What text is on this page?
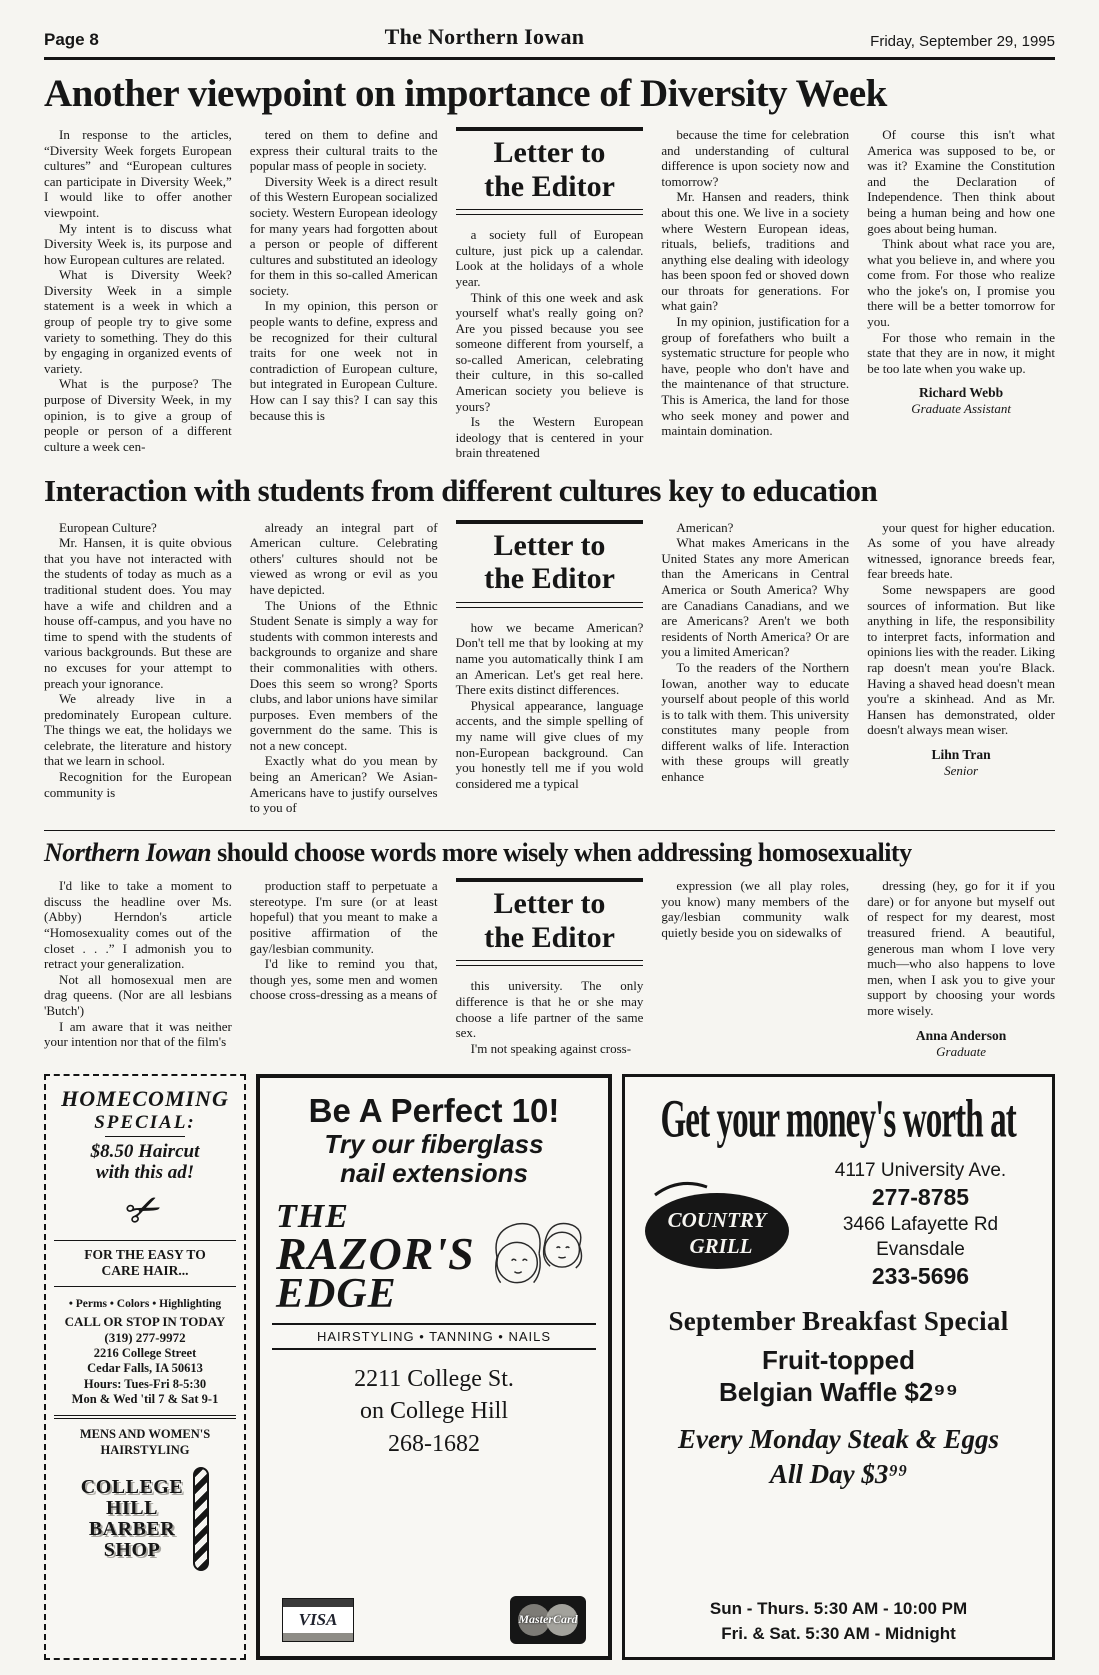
Page 8	The Northern Iowan	Friday, September 29, 1995
Another viewpoint on importance of Diversity Week

In response to the articles, “Diversity Week forgets European cultures” and “European cultures can participate in Diversity Week,” I would like to offer another viewpoint.

My intent is to discuss what Diversity Week is, its purpose and how European cultures are related.

What is Diversity Week? Diversity Week in a simple statement is a week in which a group of people try to give some variety to something. They do this by engaging in organized events of variety.

What is the purpose? The purpose of Diversity Week, in my opinion, is to give a group of people or person of a different culture a week cen-

tered on them to define and express their cultural traits to the popular mass of people in society.

Diversity Week is a direct result of this Western European socialized society. Western European ideology for many years had forgotten about a person or people of different cultures and substituted an ideology for them in this so-called American society.

In my opinion, this person or people wants to define, express and be recognized for their cultural traits for one week not in contradiction of European culture, but integrated in European Culture. How can I say this? I can say this because this is

Letter to
the Editor

a society full of European culture, just pick up a calendar. Look at the holidays of a whole year.

Think of this one week and ask yourself what's really going on? Are you pissed because you see someone different from yourself, a so-called American, celebrating their culture, in this so-called American society you believe is yours?

Is the Western European ideology that is centered in your brain threatened

because the time for celebration and understanding of cultural difference is upon society now and tomorrow?

Mr. Hansen and readers, think about this one. We live in a society where Western European ideas, rituals, beliefs, traditions and anything else dealing with ideology has been spoon fed or shoved down our throats for generations. For what gain?

In my opinion, justification for a group of forefathers who built a systematic structure for people who have, people who don't have and the maintenance of that structure. This is America, the land for those who seek money and power and maintain domination.

Of course this isn't what America was supposed to be, or was it? Examine the Constitution and the Declaration of Independence. Then think about being a human being and how one goes about being human.

Think about what race you are, what you believe in, and where you come from. For those who realize who the joke's on, I promise you there will be a better tomorrow for you.

For those who remain in the state that they are in now, it might be too late when you wake up.

Richard Webb
Graduate Assistant
Interaction with students from different cultures key to education

European Culture?

Mr. Hansen, it is quite obvious that you have not interacted with the students of today as much as a traditional student does. You may have a wife and children and a house off-campus, and you have no time to spend with the students of various backgrounds. But these are no excuses for your attempt to preach your ignorance.

We already live in a predominately European culture. The things we eat, the holidays we celebrate, the literature and history that we learn in school.

Recognition for the European community is

already an integral part of American culture. Celebrating others' cultures should not be viewed as wrong or evil as you have depicted.

The Unions of the Ethnic Student Senate is simply a way for students with common interests and backgrounds to organize and share their commonalities with others. Does this seem so wrong? Sports clubs, and labor unions have similar purposes. Even members of the government do the same. This is not a new concept.

Exactly what do you mean by being an American? We Asian-Americans have to justify ourselves to you of

Letter to
the Editor

how we became American? Don't tell me that by looking at my name you automatically think I am an American. Let's get real here. There exits distinct differences.

Physical appearance, language accents, and the simple spelling of my name will give clues of my non-European background. Can you honestly tell me if you wold considered me a typical

American?

What makes Americans in the United States any more American than the Americans in Central America or South America? Why are Canadians Canadians, and we are Americans? Aren't we both residents of North America? Or are you a limited American?

To the readers of the Northern Iowan, another way to educate yourself about people of this world is to talk with them. This university constitutes many people from different walks of life. Interaction with these groups will greatly enhance

your quest for higher education. As some of you have already witnessed, ignorance breeds fear, fear breeds hate.

Some newspapers are good sources of information. But like anything in life, the responsibility to interpret facts, information and opinions lies with the reader. Liking rap doesn't mean you're Black. Having a shaved head doesn't mean you're a skinhead. And as Mr. Hansen has demonstrated, older doesn't always mean wiser.

Lihn Tran
Senior
Northern Iowan should choose words more wisely when addressing homosexuality

I'd like to take a moment to discuss the headline over Ms. (Abby) Herndon's article “Homosexuality comes out of the closet . . .” I admonish you to retract your generalization.

Not all homosexual men are drag queens. (Nor are all lesbians 'Butch')

I am aware that it was neither your intention nor that of the film's

production staff to perpetuate a stereotype. I'm sure (or at least hopeful) that you meant to make a positive affirmation of the gay/lesbian community.

I'd like to remind you that, though yes, some men and women choose cross-dressing as a means of

Letter to
the Editor

this university. The only difference is that he or she may choose a life partner of the same sex.

I'm not speaking against cross-

expression (we all play roles, you know) many members of the gay/lesbian community walk quietly beside you on sidewalks of

dressing (hey, go for it if you dare) or for anyone but myself out of respect for my dearest, most treasured friend. A beautiful, generous man whom I love very much—who also happens to love men, when I ask you to give your support by choosing your words more wisely.

Anna Anderson
Graduate
HOMECOMING
SPECIAL:
$8.50 Haircut
with this ad!
✂
FOR THE EASY TO
CARE HAIR...
• Perms • Colors • Highlighting
CALL OR STOP IN TODAY
(319) 277-9972
2216 College Street
Cedar Falls, IA 50613
Hours: Tues-Fri 8-5:30
Mon & Wed 'til 7 & Sat 9-1
MENS AND WOMEN'S
HAIRSTYLING
COLLEGE
HILL
BARBER
SHOP
Be A Perfect 10!
Try our fiberglass
nail extensions
THE
RAZOR'S
EDGE
HAIRSTYLING • TANNING • NAILS
2211 College St.
on College Hill
268-1682
VISA	MasterCard
Get your money's worth at
COUNTRY
GRILL
4117 University Ave.
277-8785
3466 Lafayette Rd
Evansdale
233-5696
September Breakfast Special
Fruit-topped
Belgian Waffle $2⁹⁹
Every Monday Steak & Eggs
All Day $3⁹⁹
Sun - Thurs. 5:30 AM - 10:00 PM
Fri. & Sat. 5:30 AM - Midnight
